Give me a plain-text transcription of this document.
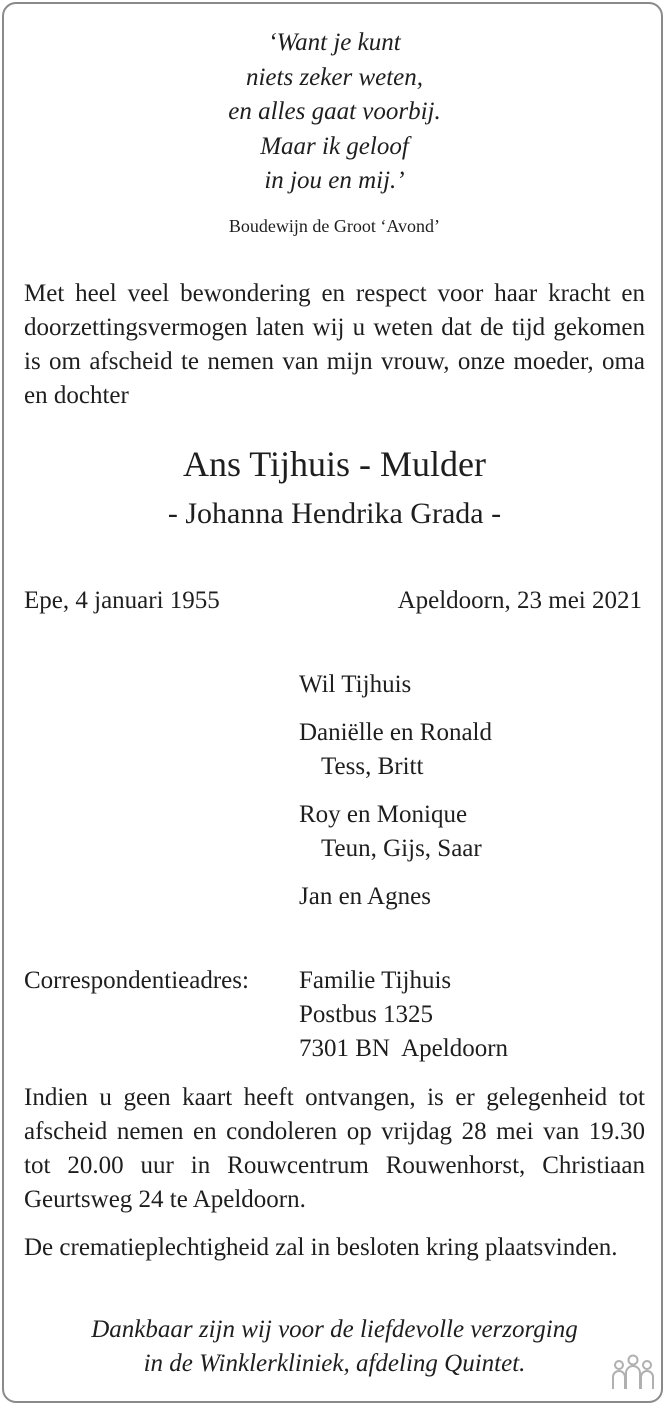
‘Want je kunt
niets zeker weten,
en alles gaat voorbij.
Maar ik geloof
in jou en mij.’
Boudewijn de Groot ‘Avond’
Met heel veel bewondering en respect voor haar kracht en doorzettingsvermogen laten wij u weten dat de tijd gekomen is om afscheid te nemen van mijn vrouw, onze moeder, oma en dochter
Ans Tijhuis - Mulder
- Johanna Hendrika Grada -
Epe, 4 januari 1955	Apeldoorn, 23 mei 2021
Wil Tijhuis
Daniëlle en Ronald
Tess, Britt
Roy en Monique
Teun, Gijs, Saar
Jan en Agnes
Correspondentieadres: Familie Tijhuis
Postbus 1325
7301 BN  Apeldoorn
Indien u geen kaart heeft ontvangen, is er gelegenheid tot afscheid nemen en condoleren op vrijdag 28 mei van 19.30 tot 20.00 uur in Rouwcentrum Rouwenhorst, Christiaan Geurtsweg 24 te Apeldoorn.
De crematieplechtigheid zal in besloten kring plaatsvinden.
Dankbaar zijn wij voor de liefdevolle verzorging
in de Winklerkliniek, afdeling Quintet.
